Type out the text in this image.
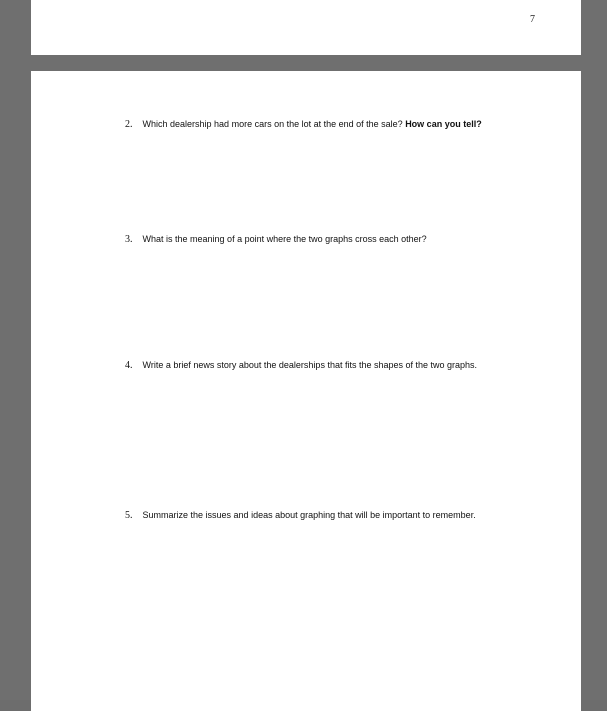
7
2. Which dealership had more cars on the lot at the end of the sale? How can you tell?
3. What is the meaning of a point where the two graphs cross each other?
4. Write a brief news story about the dealerships that fits the shapes of the two graphs.
5. Summarize the issues and ideas about graphing that will be important to remember.
